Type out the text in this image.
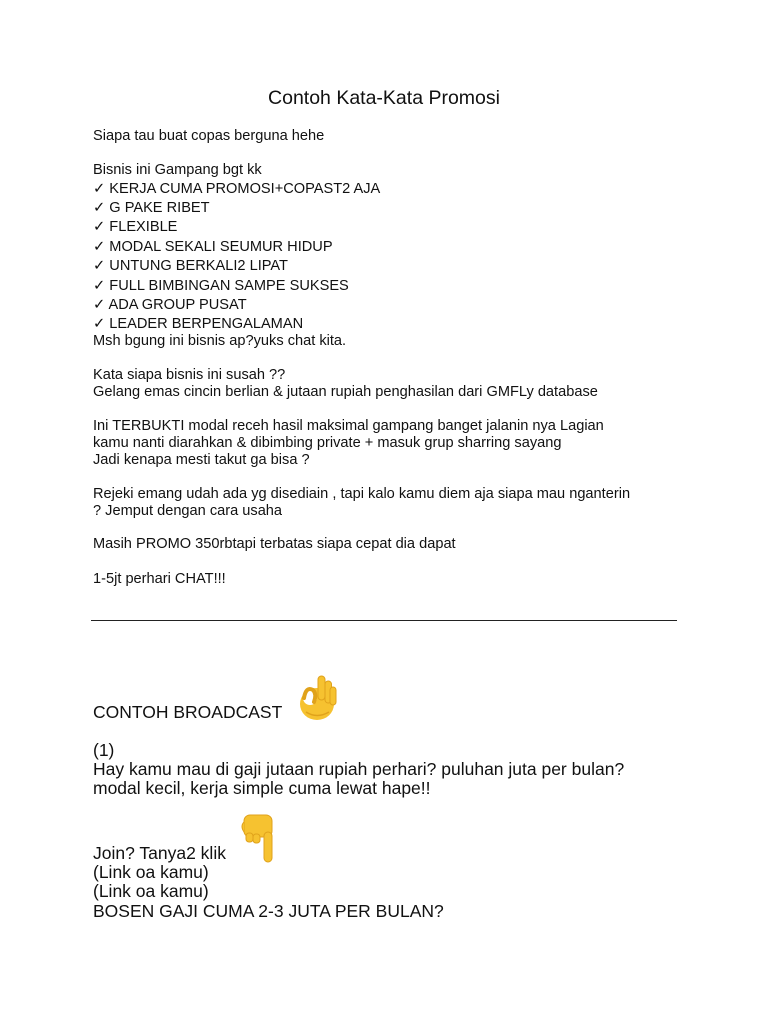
Contoh Kata-Kata Promosi
Siapa tau buat copas berguna hehe
Bisnis ini Gampang bgt kk
✓ KERJA CUMA PROMOSI+COPAST2 AJA
✓ G PAKE RIBET
✓ FLEXIBLE
✓ MODAL SEKALI SEUMUR HIDUP
✓ UNTUNG BERKALI2 LIPAT
✓ FULL BIMBINGAN SAMPE SUKSES
✓ ADA GROUP PUSAT
✓ LEADER BERPENGALAMAN
Msh bgung ini bisnis ap?yuks chat kita.
Kata siapa bisnis ini susah ??
Gelang emas cincin berlian & jutaan rupiah penghasilan dari GMFLy database
Ini TERBUKTI modal receh hasil maksimal gampang banget jalanin nya Lagian
kamu nanti diarahkan & dibimbing private + masuk grup sharring sayang
Jadi kenapa mesti takut ga bisa ?
Rejeki emang udah ada yg disediain , tapi kalo kamu diem aja siapa mau nganterin
? Jemput dengan cara usaha
Masih PROMO 350rbtapi terbatas siapa cepat dia dapat
1-5jt perhari CHAT!!!
CONTOH BROADCAST
(1)
Hay kamu mau di gaji jutaan rupiah perhari? puluhan juta per bulan?
modal kecil, kerja simple cuma lewat hape!!
Join? Tanya2 klik
(Link oa kamu)
(Link oa kamu)
BOSEN GAJI CUMA 2-3 JUTA PER BULAN?
